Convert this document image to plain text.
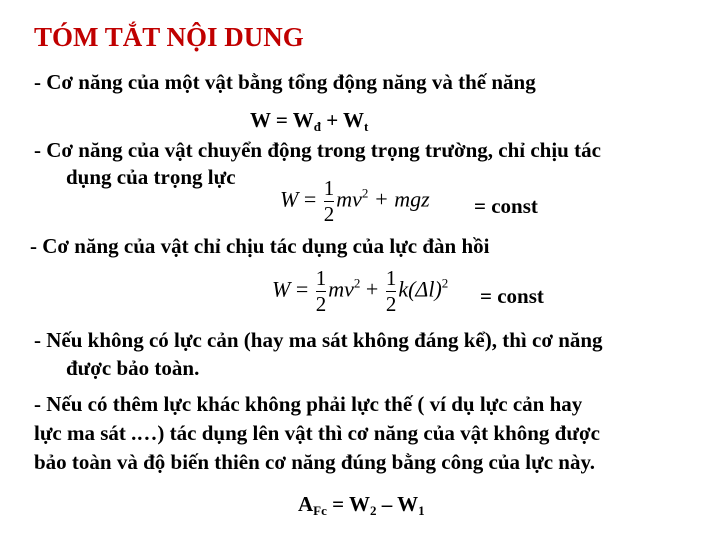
TÓM TẮT NỘI DUNG
- Cơ năng của một vật bằng tổng động năng và thế năng
$W = W_đ + W_t$
- Cơ năng của vật chuyển động trong trọng trường, chỉ chịu tác
dụng của trọng lực
$W = \frac{1}{2} mv^2$ + mgz = const
- Cơ năng của vật chỉ chịu tác dụng của lực đàn hồi
$W = \frac{1}{2} mv^2 + \frac{1}{2} k(\Delta l)^2$
= const
- Nếu không có lực cản (hay ma sát không đáng kể), thì cơ năng
được bảo toàn.
- Nếu có thêm lực khác không phải lực thế ( ví dụ lực cản hay
lực ma sát .…) tác dụng lên vật thì cơ năng của vật không được
bảo toàn và độ biến thiên cơ năng đúng bằng công của lực này.
$A_{Fc} = W_2 - W_1$
